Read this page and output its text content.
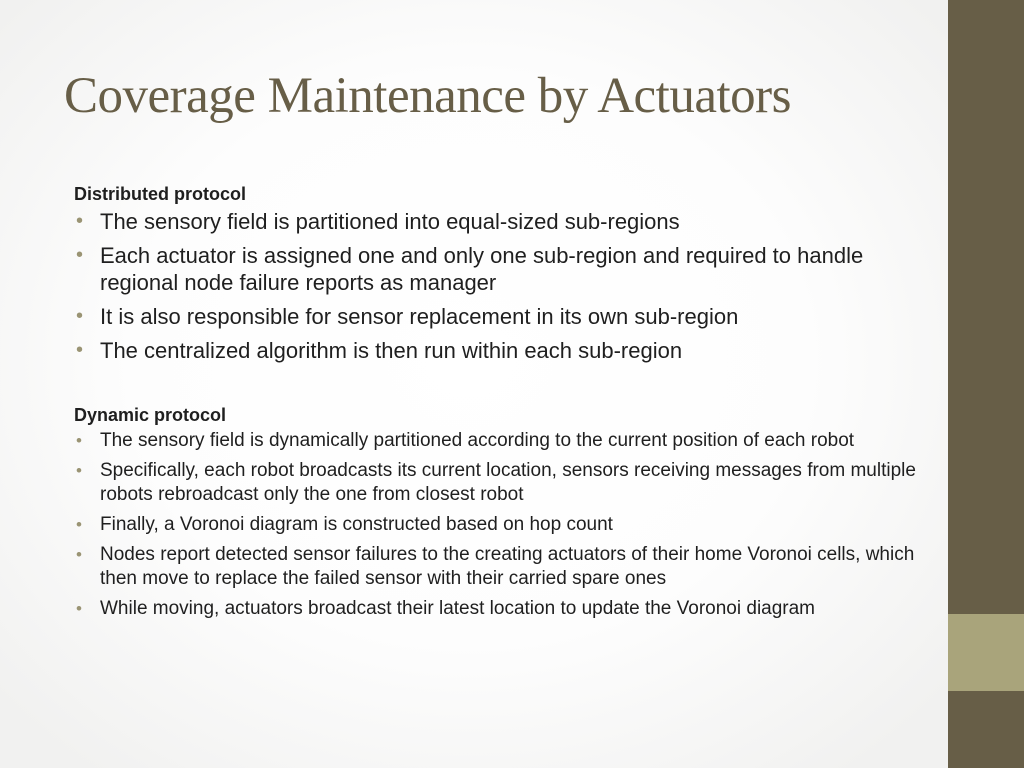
Coverage Maintenance by Actuators
Distributed protocol
• The sensory field is partitioned into equal-sized sub-regions
• Each actuator is assigned one and only one sub-region and required to handle regional node failure reports as manager
• It is also responsible for sensor replacement in its own sub-region
• The centralized algorithm is then run within each sub-region
Dynamic protocol
• The sensory field is dynamically partitioned according to the current position of each robot
• Specifically, each robot broadcasts its current location, sensors receiving messages from multiple robots rebroadcast only the one from closest robot
• Finally, a Voronoi diagram is constructed based on hop count
• Nodes report detected sensor failures to the creating actuators of their home Voronoi cells, which then move to replace the failed sensor with their carried spare ones
• While moving, actuators broadcast their latest location to update the Voronoi diagram
